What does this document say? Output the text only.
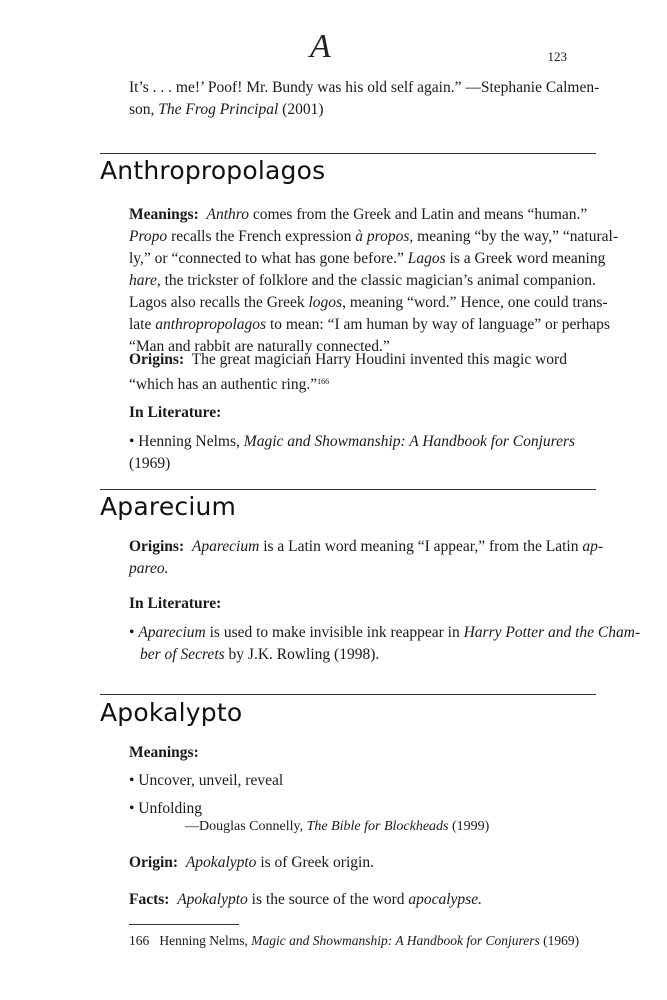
A	123
It’s . . . me!’ Poof! Mr. Bundy was his old self again.” —Stephanie Calmen-
son, The Frog Principal (2001)
Anthropropolagos
Meanings: Anthro comes from the Greek and Latin and means “human.”
Propo recalls the French expression à propos, meaning “by the way,” “natural-
ly,” or “connected to what has gone before.” Lagos is a Greek word meaning
hare, the trickster of folklore and the classic magician’s animal companion.
Lagos also recalls the Greek logos, meaning “word.” Hence, one could trans-
late anthropropolagos to mean: “I am human by way of language” or perhaps
“Man and rabbit are naturally connected.”
Origins: The great magician Harry Houdini invented this magic word
“which has an authentic ring.”$^{166}$
In Literature:
• Henning Nelms, Magic and Showmanship: A Handbook for Conjurers (1969)
Aparecium
Origins: Aparecium is a Latin word meaning “I appear,” from the Latin ap-
pareo.
In Literature:
• Aparecium is used to make invisible ink reappear in Harry Potter and the Cham-
ber of Secrets by J.K. Rowling (1998).
Apokalypto
Meanings:
• Uncover, unveil, reveal
• Unfolding
—Douglas Connelly, The Bible for Blockheads (1999)
Origin: Apokalypto is of Greek origin.
Facts: Apokalypto is the source of the word apocalypse.
166   Henning Nelms, Magic and Showmanship: A Handbook for Conjurers (1969)
